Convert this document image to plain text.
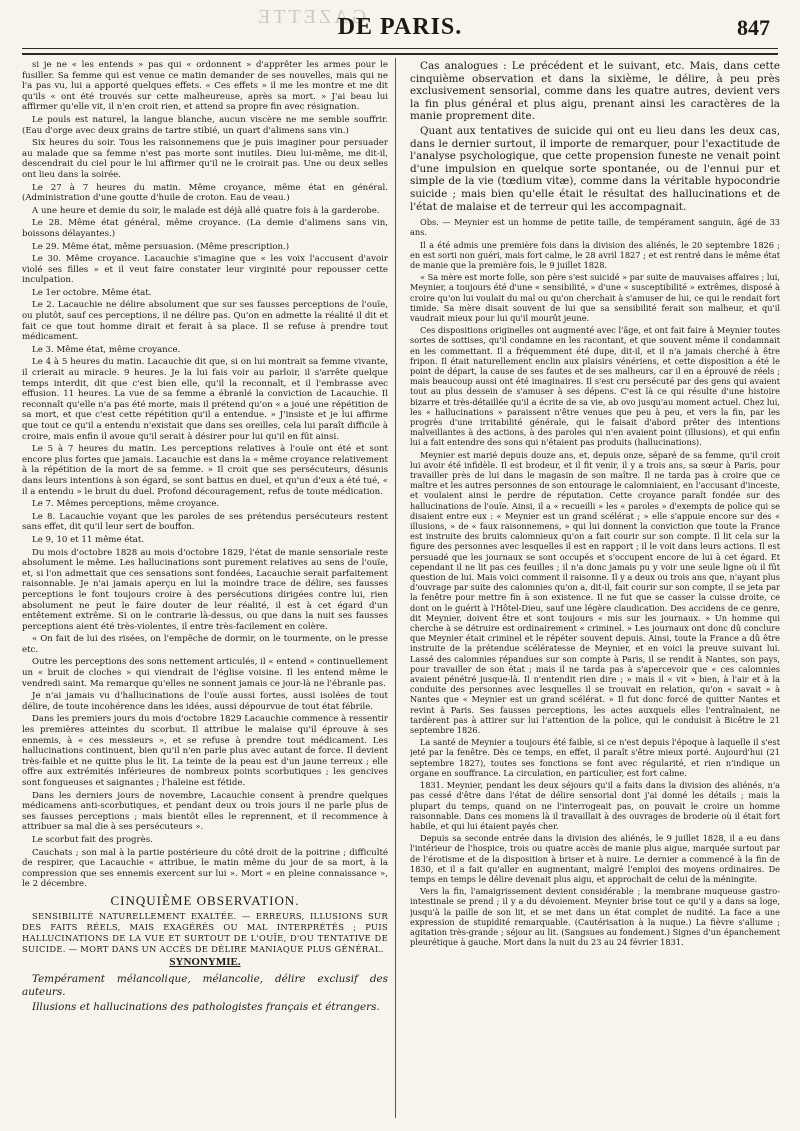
GAZETTE
DE PARIS.	847

si je ne « les entends » pas qui « ordonnent » d'apprêter les armes pour le fusiller. Sa femme qui est venue ce matin demander de ses nouvelles, mais qui ne l'a pas vu, lui a apporté quelques effets. « Ces effets » il me les montre et me dit qu'ils « ont été trouvés sur cette malheureuse, après sa mort. » J'ai beau lui affirmer qu'elle vit, il n'en croit rien, et attend sa propre fin avec résignation.

Le pouls est naturel, la langue blanche, aucun viscère ne me semble souffrir. (Eau d'orge avec deux grains de tartre stibié, un quart d'alimens sans vin.)

Six heures du soir. Tous les raisonnemens que je puis imaginer pour persuader au malade que sa femme n'est pas morte sont inutiles. Dieu lui-même, me dit-il, descendrait du ciel pour le lui affirmer qu'il ne le croirait pas. Une ou deux selles ont lieu dans la soirée.

Le 27 à 7 heures du matin. Même croyance, même état en général. (Administration d'une goutte d'huile de croton. Eau de veau.)

A une heure et demie du soir, le malade est déjà allé quatre fois à la garderobe.

Le 28. Même état général, même croyance. (La demie d'alimens sans vin, boissons délayantes.)

Le 29. Même état, même persuasion. (Même prescription.)

Le 30. Même croyance. Lacauchie s'imagine que « les voix l'accusent d'avoir violé ses filles » et il veut faire constater leur virginité pour repousser cette inculpation.

Le 1er octobre. Même état.

Le 2. Lacauchie ne délire absolument que sur ses fausses perceptions de l'ouïe, ou plutôt, sauf ces perceptions, il ne délire pas. Qu'on en admette la réalité il dit et fait ce que tout homme dirait et ferait à sa place. Il se refuse à prendre tout médicament.

Le 3. Même état, même croyance.

Le 4 à 5 heures du matin. Lacauchie dit que, si on lui montrait sa femme vivante, il crierait au miracle. 9 heures. Je la lui fais voir au parloir, il s'arrête quelque temps interdit, dit que c'est bien elle, qu'il la reconnaît, et il l'embrasse avec effusion. 11 heures. La vue de sa femme a ébranlé la conviction de Lacauchie. Il reconnaît qu'elle n'a pas été morte, mais il prétend qu'on « a joué une répétition de sa mort, et que c'est cette répétition qu'il a entendue. » J'insiste et je lui affirme que tout ce qu'il a entendu n'existait que dans ses oreilles, cela lui paraît difficile à croire, mais enfin il avoue qu'il serait à désirer pour lui qu'il en fût ainsi.

Le 5 à 7 heures du matin. Les perceptions relatives à l'ouïe ont été et sont encore plus fortes que jamais. Lacauchie est dans la « même croyance relativement à la répétition de la mort de sa femme. » Il croit que ses persécuteurs, désunis dans leurs intentions à son égard, se sont battus en duel, et qu'un d'eux a été tué, « il a entendu » le bruit du duel. Profond découragement, refus de toute médication.

Le 7. Mêmes perceptions, même croyance.

Le 8. Lacauchie voyant que les paroles de ses prétendus persécuteurs restent sans effet, dit qu'il leur sert de bouffon.

Le 9, 10 et 11 même état.

Du mois d'octobre 1828 au mois d'octobre 1829, l'état de manie sensoriale reste absolument le même. Les hallucinations sont purement relatives au sens de l'ouïe, et, si l'on admettait que ces sensations sont fondées, Lacauchie serait parfaitement raisonnable. Je n'ai jamais aperçu en lui la moindre trace de délire, ses fausses perceptions le font toujours croire à des persécutions dirigées contre lui, rien absolument ne peut le faire douter de leur réalité, il est à cet égard d'un entêtement extrême. Si on le contrarie là-dessus, ou que dans la nuit ses fausses perceptions aient été très-violentes, il entre très-facilement en colère.

« On fait de lui des risées, on l'empêche de dormir, on le tourmente, on le presse etc.

Outre les perceptions des sons nettement articulés, il « entend » continuellement un « bruit de cloches » qui viendrait de l'église voisine. Il les entend même le vendredi saint. Ma remarque qu'elles ne sonnent jamais ce jour-là ne l'ébranle pas.

Je n'ai jamais vu d'hallucinations de l'ouïe aussi fortes, aussi isolées de tout délire, de toute incohérence dans les idées, aussi dépourvue de tout état fébrile.

Dans les premiers jours du mois d'octobre 1829 Lacauchie commence à ressentir les premières atteintes du scorbut. Il attribue le malaise qu'il éprouve à ses ennemis, à « ces messieurs », et se refuse à prendre tout médicament. Les hallucinations continuent, bien qu'il n'en parle plus avec autant de force. Il devient très-faible et ne quitte plus le lit. La teinte de la peau est d'un jaune terreux ; elle offre aux extrémités inférieures de nombreux points scorbutiques ; les gencives sont fongueuses et saignantes ; l'haleine est fétide.

Dans les derniers jours de novembre, Lacauchie consent à prendre quelques médicamens anti-scorbutiques, et pendant deux ou trois jours il ne parle plus de ses fausses perceptions ; mais bientôt elles le reprennent, et il recommence à attribuer sa mal die à ses persécuteurs ».

Le scorbut fait des progrès.

Cauchats ; son mal à la partie postérieure du côté droit de la poitrine ; difficulté de respirer, que Lacauchie « attribue, le matin même du jour de sa mort, à la compression que ses ennemis exercent sur lui ». Mort « en pleine connaissance », le 2 décembre.

CINQUIÈME OBSERVATION.

SENSIBILITÉ NATURELLEMENT EXALTÉE. — ERREURS, ILLUSIONS SUR DES FAITS RÉELS, MAIS EXAGÉRÉS OU MAL INTERPRÉTÉS ; PUIS HALLUCINATIONS DE LA VUE ET SURTOUT DE L'OUÏE, D'OU TENTATIVE DE SUICIDE. — MORT DANS UN ACCÈS DE DÉLIRE MANIAQUE PLUS GÉNÉRAL.

SYNONYMIE.

Tempérament mélancolique, mélancolie, délire exclusif des auteurs.

Illusions et hallucinations des pathologistes français et étrangers.

Cas analogues : Le précédent et le suivant, etc. Mais, dans cette cinquième observation et dans la sixième, le délire, à peu près exclusivement sensorial, comme dans les quatre autres, devient vers la fin plus général et plus aigu, prenant ainsi les caractères de la manie proprement dite.

Quant aux tentatives de suicide qui ont eu lieu dans les deux cas, dans le dernier surtout, il importe de remarquer, pour l'exactitude de l'analyse psychologique, que cette propension funeste ne venait point d'une impulsion en quelque sorte spontanée, ou de l'ennui pur et simple de la vie (tœdium vitæ), comme dans la véritable hypocondrie suicide ; mais bien qu'elle était le résultat des hallucinations et de l'état de malaise et de terreur qui les accompagnait.

Obs. — Meynier est un homme de petite taille, de tempérament sanguin, âgé de 33 ans.

Il a été admis une première fois dans la division des aliénés, le 20 septembre 1826 ; en est sorti non guéri, mais fort calme, le 28 avril 1827 ; et est rentré dans le même état de manie que la première fois, le 9 juillet 1828.

« Sa mère est morte folle, son père s'est suicidé » par suite de mauvaises affaires ; lui, Meynier, a toujours été d'une « sensibilité, » d'une « susceptibilité » extrêmes, disposé à croire qu'on lui voulait du mal ou qu'on cherchait à s'amuser de lui, ce qui le rendait fort timide. Sa mère disait souvent de lui que sa sensibilité ferait son malheur, et qu'il vaudrait mieux pour lui qu'il mourût jeune.

Ces dispositions originelles ont augmenté avec l'âge, et ont fait faire à Meynier toutes sortes de sottises, qu'il condamne en les racontant, et que souvent même il condamnait en les commettant. Il a fréquemment été dupe, dit-il, et il n'a jamais cherché à être fripon. Il était naturellement enclin aux plaisirs vénériens, et cette disposition a été le point de départ, la cause de ses fautes et de ses malheurs, car il en a éprouvé de réels ; mais beaucoup aussi ont été imaginaires. Il s'est cru persécuté par des gens qui avaient tout au plus dessein de s'amuser à ses dépens. C'est là ce qui résulte d'une histoire bizarre et très-détaillée qu'il a écrite de sa vie, ab ovo jusqu'au moment actuel. Chez lui, les « hallucinations » paraissent n'être venues que peu à peu, et vers la fin, par les progrès d'une irritabilité générale, qui le faisait d'abord prêter des intentions malveillantes à des actions, à des paroles qui n'en avaient point (illusions), et qui enfin lui a fait entendre des sons qui n'étaient pas produits (hallucinations).

Meynier est marié depuis douze ans, et, depuis onze, séparé de sa femme, qu'il croit lui avoir été infidèle. Il est brodeur, et il fit venir, il y a trois ans, sa sœur à Paris, pour travailler près de lui dans le magasin de son maître. Il ne tarda pas à croire que ce maître et les autres personnes de son entourage le calomniaient, en l'accusant d'inceste, et voulaient ainsi le perdre de réputation. Cette croyance paraît fondée sur des hallucinations de l'ouïe. Ainsi, il a « recueilli » les « paroles » d'exempts de police qui se disaient entre eux : « Meynier est un grand scélérat ; » elle s'appuie encore sur des « illusions, » de « faux raisonnemens, » qui lui donnent la conviction que toute la France est instruite des bruits calomnieux qu'on a fait courir sur son compte. Il lit cela sur la figure des personnes avec lesquelles il est en rapport ; il le voit dans leurs actions. Il est persuadé que les journaux se sont occupés et s'occupent encore de lui à cet égard. Et cependant il ne lit pas ces feuilles ; il n'a donc jamais pu y voir une seule ligne où il fût question de lui. Mais voici comment il raisonne. Il y a deux ou trois ans que, n'ayant plus d'ouvrage par suite des calomnies qu'on a, dit-il, fait courir sur son compte, il se jeta par la fenêtre pour mettre fin à son existence. Il ne fut que se casser la cuisse droite, ce dont on le guérit à l'Hôtel-Dieu, sauf une légère claudication. Des accidens de ce genre, dit Meynier, doivent être et sont toujours « mis sur les journaux. » Un homme qui cherche à se détruire est ordinairement « criminel. » Les journaux ont donc dû conclure que Meynier était criminel et le répéter souvent depuis. Ainsi, toute la France a dû être instruite de la prétendue scélératesse de Meynier, et en voici la preuve suivant lui. Lassé des calomnies répandues sur son compte à Paris, il se rendit à Nantes, son pays, pour travailler de son état ; mais il ne tarda pas à s'apercevoir que « ces calomnies avaient pénétré jusque-là. Il n'entendit rien dire ; » mais il « vit » bien, à l'air et à la conduite des personnes avec lesquelles il se trouvait en relation, qu'on « savait » à Nantes que « Meynier est un grand scélérat. » Il fut donc forcé de quitter Nantes et revint à Paris. Ses fausses perceptions, les actes auxquels elles l'entraînaient, ne tardèrent pas à attirer sur lui l'attention de la police, qui le conduisit à Bicêtre le 21 septembre 1826.

La santé de Meynier a toujours été faible, si ce n'est depuis l'époque à laquelle il s'est jeté par la fenêtre. Dès ce temps, en effet, il paraît s'être mieux porté. Aujourd'hui (21 septembre 1827), toutes ses fonctions se font avec régularité, et rien n'indique un organe en souffrance. La circulation, en particulier, est fort calme.

1831. Meynier, pendant les deux séjours qu'il a faits dans la division des aliénés, n'a pas cessé d'être dans l'état de délire sensorial dont j'ai donné les détails ; mais la plupart du temps, quand on ne l'interrogeait pas, on pouvait le croire un homme raisonnable. Dans ces momens là il travaillait à des ouvrages de broderie où il était fort habile, et qui lui étaient payés cher.

Depuis sa seconde entrée dans la division des aliénés, le 9 juillet 1828, il a eu dans l'intérieur de l'hospice, trois ou quatre accès de manie plus aigue, marquée surtout par de l'érotisme et de la disposition à briser et à nuire. Le dernier a commencé à la fin de 1830, et il a fait qu'aller en augmentant, malgré l'emploi des moyens ordinaires. De temps en temps le délire devenait plus aigu, et approchait de celui de la méningite.

Vers la fin, l'amaigrissement devient considérable ; la membrane muqueuse gastro-intestinale se prend ; il y a du dévoiement. Meynier brise tout ce qu'il y a dans sa loge, jusqu'à la paille de son lit, et se met dans un état complet de nudité. La face a une expression de stupidité remarquable. (Cautérisation à la nuque.) La fièvre s'allume ; agitation très-grande ; séjour au lit. (Sangsues au fondement.) Signes d'un épanchement pleurétique à gauche. Mort dans la nuit du 23 au 24 février 1831.
